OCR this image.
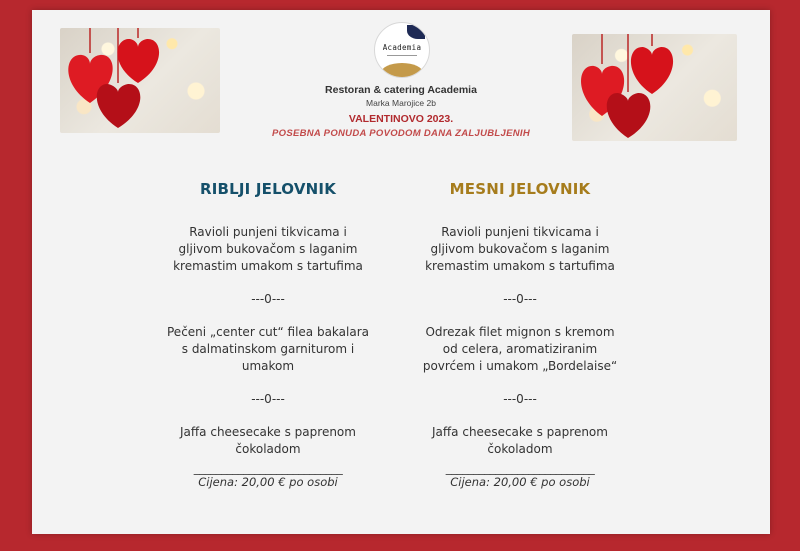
Academia
Restoran & catering Academia
Marka Marojice 2b
VALENTINOVO 2023.
POSEBNA PONUDA POVODOM DANA ZALJUBLJENIH
RIBLJI JELOVNIK
Ravioli punjeni tikvicama i
gljivom bukovačom s laganim
kremastim umakom s tartufima
---0---
Pečeni „center cut“ filea bakalara
s dalmatinskom garniturom i
umakom
---0---
Jaffa cheesecake s paprenom
čokoladom
___________________________
Cijena: 20,00 € po osobi
MESNI JELOVNIK
Ravioli punjeni tikvicama i
gljivom bukovačom s laganim
kremastim umakom s tartufima
---0---
Odrezak filet mignon s kremom
od celera, aromatiziranim
povrćem i umakom „Bordelaise“
---0---
Jaffa cheesecake s paprenom
čokoladom
___________________________
Cijena: 20,00 € po osobi
